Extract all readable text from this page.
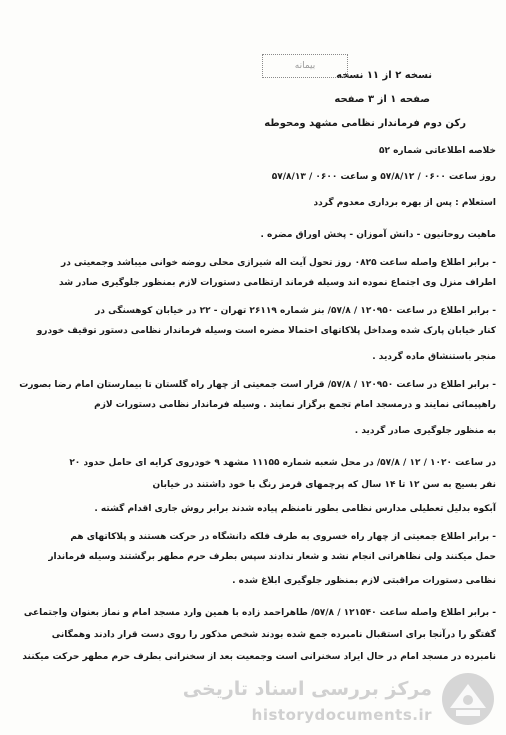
نسخه ۲ از ۱۱ نسخه
صفحه ۱ از ۳ صفحه
رکن دوم فرماندار نظامی مشهد ومحوطه
بیمانه
خلاصه اطلاعاتی شماره ۵۲
روز ساعت ۰۶۰۰ / ۵۷/۸/۱۲ و ساعت ۰۶۰۰ / ۵۷/۸/۱۳
استعلام : پس از بهره برداری معدوم گردد
ماهیت روحانیون - دانش آموزان - پخش اوراق مضره .
- برابر اطلاع واصله ساعت ۰۸۲۵ روز تحول آیت اله شیرازی محلی روضه خوانی میباشد وجمعیتی در
اطراف منزل وی اجتماع نموده اند وسیله فرماند ارتظامی دستورات لازم بمنظور جلوگیری صادر شد
- برابر اطلاع در ساعت ۱۲۰۹۵۰ / ۵۷/۸/ بنز شماره ۲۶۱۱۹ تهران - ۲۲ در خیابان کوهسنگی در
کنار خیابان پارک شده ومداخل پلاکاتهای احتمالا مضره است وسیله فرماندار نظامی دستور توقیف خودرو
منجر باستنشاق ماده گردید .
- برابر اطلاع در ساعت ۱۲۰۹۵۰ / ۵۷/۸/ قرار است جمعیتی از چهار راه گلستان تا بیمارستان امام رضا بصورت
راهپیمائی نمایند و درمسجد امام تجمع برگزار نمایند . وسیله فرماندار نظامی دستورات لازم
به منظور جلوگیری صادر گردید .
در ساعت ۱۰۲۰ / ۱۲ / ۵۷/۸/ در محل شعبه شماره ۱۱۱۵۵ مشهد ۹ خودروی کرایه ای حامل حدود ۲۰
نفر بسیج به سن ۱۲ تا ۱۴ سال که پرچمهای قرمز رنگ با خود داشتند در خیابان
آبکوه بدلیل تعطیلی مدارس نظامی بطور نامنظم پیاده شدند برابر روش جاری اقدام گشته .
- برابر اطلاع جمعیتی از چهار راه خسروی به طرف فلکه دانشگاه در حرکت هستند و پلاکاتهای هم
حمل میکنند ولی نظاهراتی انجام نشد و شعار ندادند سپس بطرف حرم مطهر برگشتند وسیله فرماندار
نظامی دستورات مراقبتی لازم بمنظور جلوگیری ابلاغ شده .
- برابر اطلاع واصله ساعت ۱۲۱۵۴۰ / ۵۷/۸/ طاهراحمد زاده با همین وارد مسجد امام و نماز بعنوان واجتماعی
گفتگو را درآنجا برای استقبال نامبرده جمع شده بودند شخص مذکور را روی دست قرار دادند وهمگانی
نامبرده در مسجد امام در حال ایراد سخنرانی است وجمعیت بعد از سخنرانی بطرف حرم مطهر حرکت میکنند
مرکز بررسی اسناد تاریخی
historydocuments.ir
